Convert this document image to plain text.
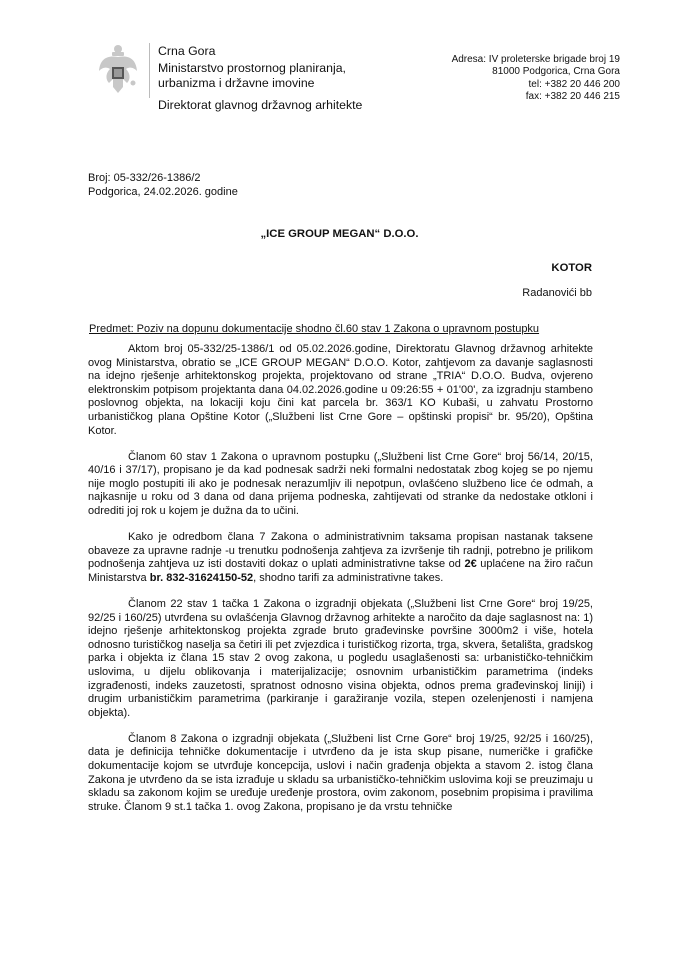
Crna Gora
Ministarstvo prostornog planiranja,
urbanizma i državne imovine
Direktorat glavnog državnog arhitekte
Adresa: IV proleterske brigade broj 19
81000 Podgorica, Crna Gora
tel: +382 20 446 200
fax: +382 20 446 215
Broj: 05-332/26-1386/2
Podgorica, 24.02.2026. godine
„ICE GROUP MEGAN“ D.O.O.
KOTOR
Radanovići bb
Predmet: Poziv na dopunu dokumentacije shodno čl.60 stav 1 Zakona o upravnom postupku

Aktom broj 05-332/25-1386/1 od 05.02.2026.godine, Direktoratu Glavnog državnog arhitekte ovog Ministarstva, obratio se „ICE GROUP MEGAN“ D.O.O. Kotor, zahtjevom za davanje saglasnosti na idejno rješenje arhitektonskog projekta, projektovano od strane „TRIA“ D.O.O. Budva, ovjereno elektronskim potpisom projektanta dana 04.02.2026.godine u 09:26:55 + 01'00', za izgradnju stambeno poslovnog objekta, na lokaciji koju čini kat parcela br. 363/1 KO Kubaši, u zahvatu Prostorno urbanističkog plana Opštine Kotor („Službeni list Crne Gore – opštinski propisi“ br. 95/20), Opština Kotor.

Članom 60 stav 1 Zakona o upravnom postupku („Službeni list Crne Gore“ broj 56/14, 20/15, 40/16 i 37/17), propisano je da kad podnesak sadrži neki formalni nedostatak zbog kojeg se po njemu nije moglo postupiti ili ako je podnesak nerazumljiv ili nepotpun, ovlašćeno službeno lice će odmah, a najkasnije u roku od 3 dana od dana prijema podneska, zahtijevati od stranke da nedostake otkloni i odrediti joj rok u kojem je dužna da to učini.

Kako je odredbom člana 7 Zakona o administrativnim taksama propisan nastanak taksene obaveze za upravne radnje -u trenutku podnošenja zahtjeva za izvršenje tih radnji, potrebno je prilikom podnošenja zahtjeva uz isti dostaviti dokaz o uplati administrativne takse od 2€ uplaćene na žiro račun Ministarstva br. 832-31624150-52, shodno tarifi za administrativne takes.

Članom 22 stav 1 tačka 1 Zakona o izgradnji objekata („Službeni list Crne Gore“ broj 19/25, 92/25 i 160/25) utvrđena su ovlašćenja Glavnog državnog arhitekte a naročito da daje saglasnost na: 1) idejno rješenje arhitektonskog projekta zgrade bruto građevinske površine 3000m2 i više, hotela odnosno turističkog naselja sa četiri ili pet zvjezdica i turističkog rizorta, trga, skvera, šetališta, gradskog parka i objekta iz člana 15 stav 2 ovog zakona, u pogledu usaglašenosti sa: urbanističko-tehničkim uslovima, u dijelu oblikovanja i materijalizacije; osnovnim urbanističkim parametrima (indeks izgrađenosti, indeks zauzetosti, spratnost odnosno visina objekta, odnos prema građevinskoj liniji) i drugim urbanističkim parametrima (parkiranje i garažiranje vozila, stepen ozelenjenosti i namjena objekta).

Članom 8 Zakona o izgradnji objekata („Službeni list Crne Gore“ broj 19/25, 92/25 i 160/25), data je definicija tehničke dokumentacije i utvrđeno da je ista skup pisane, numeričke i grafičke dokumentacije kojom se utvrđuje koncepcija, uslovi i način građenja objekta a stavom 2. istog člana Zakona je utvrđeno da se ista izrađuje u skladu sa urbanističko-tehničkim uslovima koji se preuzimaju u skladu sa zakonom kojim se uređuje uređenje prostora, ovim zakonom, posebnim propisima i pravilima struke. Članom 9 st.1 tačka 1. ovog Zakona, propisano je da vrstu tehničke
